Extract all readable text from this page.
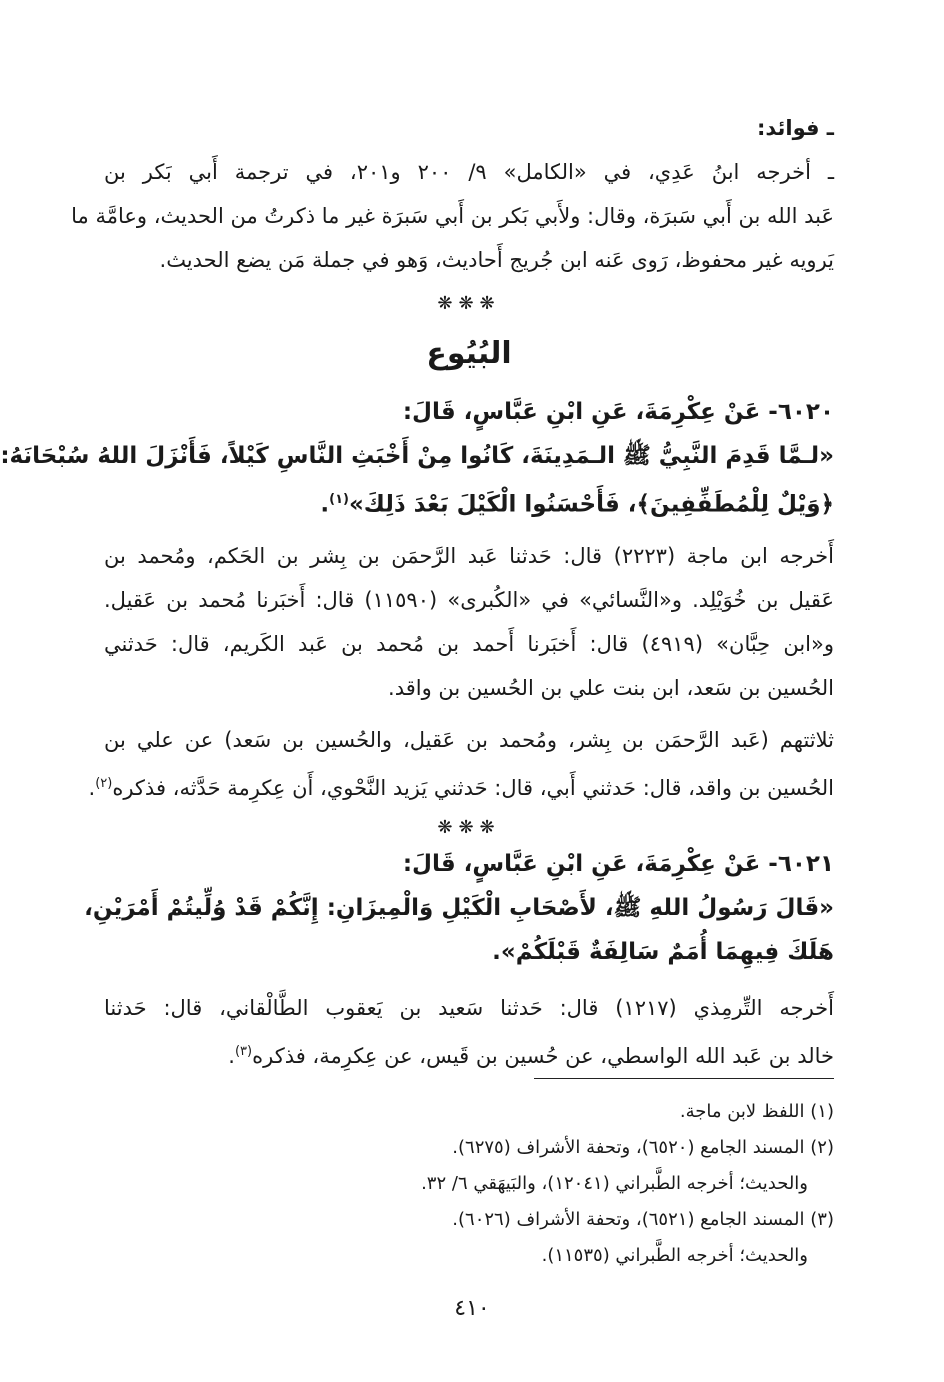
ـ فوائد:
ـ أخرجه ابنُ عَدِي، في «الكامل» ٩/ ٢٠٠ و٢٠١، في ترجمة أَبي بَكر بن
عَبد الله بن أَبي سَبرَة، وقال: ولأَبي بَكر بن أَبي سَبرَة غير ما ذكرتُ من الحديث، وعامَّة ما
يَرويه غير محفوظ، رَوى عَنه ابن جُريج أَحاديث، وَهو في جملة مَن يضع الحديث.
❋❋❋
البُيُوع
٦٠٢٠- عَنْ عِكْرِمَةَ، عَنِ ابْنِ عَبَّاسٍ، قَالَ:
«لـمَّا قَدِمَ النَّبِيُّ ﷺ الـمَدِينَةَ، كَانُوا مِنْ أَخْبَثِ النَّاسِ كَيْلاً، فَأَنْزَلَ اللهُ سُبْحَانَهُ:
﴿وَيْلٌ لِلْمُطَفِّفِينَ﴾، فَأَحْسَنُوا الْكَيْلَ بَعْدَ ذَلِكَ»$^{(١)}$.
أَخرجه ابن ماجة (٢٢٢٣) قال: حَدثنا عَبد الرَّحمَن بن بِشر بن الحَكم، ومُحمد بن
عَقيل بن خُوَيْلِد. و«النَّسائي» في «الكُبرى» (١١٥٩٠) قال: أَخبَرنا مُحمد بن عَقيل.
و«ابن حِبَّان» (٤٩١٩) قال: أَخبَرنا أَحمد بن مُحمد بن عَبد الكَريم، قال: حَدثني
الحُسين بن سَعد، ابن بنت علي بن الحُسين بن واقد.
ثلاثتهم (عَبد الرَّحمَن بن بِشر، ومُحمد بن عَقيل، والحُسين بن سَعد) عن علي بن
الحُسين بن واقد، قال: حَدثني أَبي، قال: حَدثني يَزيد النَّحْوي، أَن عِكرِمة حَدَّثه، فذكره$^{(٢)}$.
❋❋❋
٦٠٢١- عَنْ عِكْرِمَةَ، عَنِ ابْنِ عَبَّاسٍ، قَالَ:
«قَالَ رَسُولُ اللهِ ﷺ، لأَصْحَابِ الْكَيْلِ وَالْمِيزَانِ: إِنَّكُمْ قَدْ وُلِّيتُمْ أَمْرَيْنِ،
هَلَكَ فِيهِمَا أُمَمٌ سَالِفَةٌ قَبْلَكُمْ».
أَخرجه التِّرمِذي (١٢١٧) قال: حَدثنا سَعيد بن يَعقوب الطَّالْقاني، قال: حَدثنا
خالد بن عَبد الله الواسطي، عن حُسين بن قَيس، عن عِكرِمة، فذكره$^{(٣)}$.
(١) اللفظ لابن ماجة.
(٢) المسند الجامع (٦٥٢٠)، وتحفة الأشراف (٦٢٧٥).
والحديث؛ أخرجه الطَّبراني (١٢٠٤١)، والبَيهَقي ٦/ ٣٢.
(٣) المسند الجامع (٦٥٢١)، وتحفة الأشراف (٦٠٢٦).
والحديث؛ أخرجه الطَّبراني (١١٥٣٥).
٤١٠
